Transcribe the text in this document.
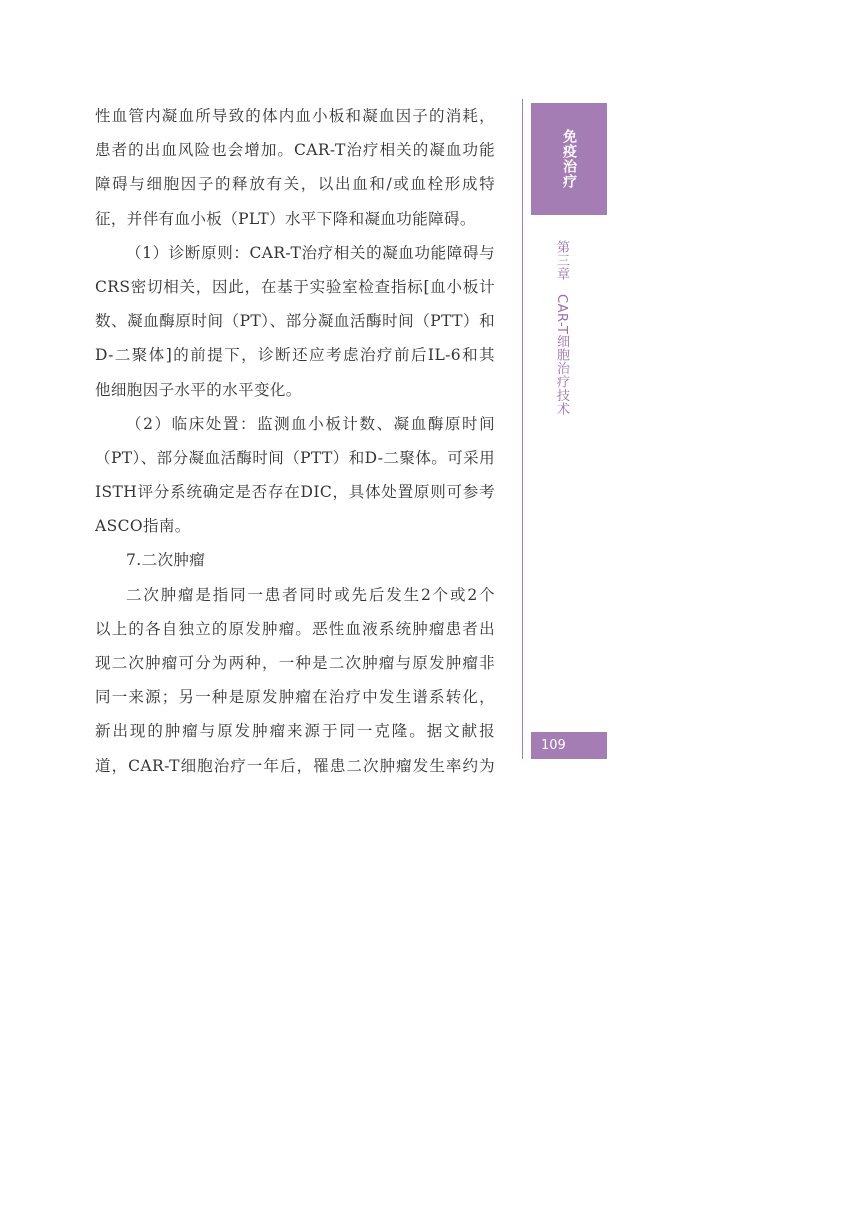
性血管内凝血所导致的体内血小板和凝血因子的消耗，
患者的出血风险也会增加。CAR-T治疗相关的凝血功能
障碍与细胞因子的释放有关，以出血和/或血栓形成特
征，并伴有血小板（PLT）水平下降和凝血功能障碍。
（1）诊断原则：CAR-T治疗相关的凝血功能障碍与
CRS密切相关，因此，在基于实验室检查指标[血小板计
数、凝血酶原时间（PT）、部分凝血活酶时间（PTT）和
D-二聚体]的前提下，诊断还应考虑治疗前后IL-6和其
他细胞因子水平的水平变化。
（2）临床处置：监测血小板计数、凝血酶原时间
（PT）、部分凝血活酶时间（PTT）和D-二聚体。可采用
ISTH评分系统确定是否存在DIC，具体处置原则可参考
ASCO指南。
7.二次肿瘤
二次肿瘤是指同一患者同时或先后发生2个或2个
以上的各自独立的原发肿瘤。恶性血液系统肿瘤患者出
现二次肿瘤可分为两种，一种是二次肿瘤与原发肿瘤非
同一来源；另一种是原发肿瘤在治疗中发生谱系转化，
新出现的肿瘤与原发肿瘤来源于同一克隆。据文献报
道，CAR-T细胞治疗一年后，罹患二次肿瘤发生率约为
免疫治疗
第三章　CAR-T细胞治疗技术
109
